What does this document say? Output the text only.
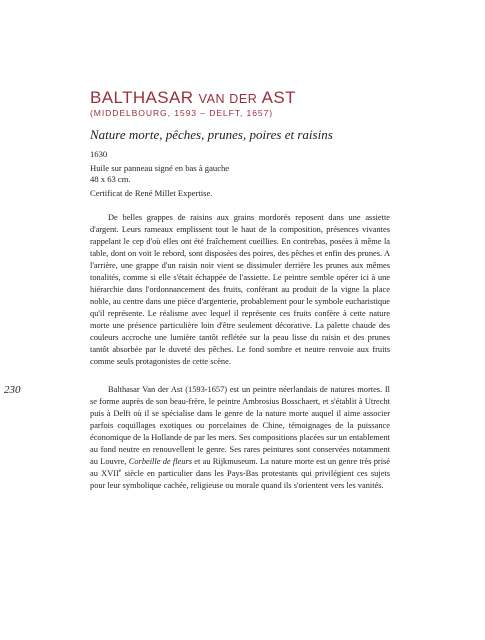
BALTHASAR VAN DER AST
(MIDDELBOURG, 1593 – DELFT, 1657)
Nature morte, pêches, prunes, poires et raisins
1630
Huile sur panneau signé en bas à gauche
48 x 63 cm.
Certificat de René Millet Expertise.

De belles grappes de raisins aux grains mordorés reposent dans une assiette d'argent. Leurs rameaux emplissent tout le haut de la composition, présences vivantes rappelant le cep d'où elles ont été fraîchement cueillies. En contrebas, posées à même la table, dont on voit le rebord, sont disposées des poires, des pêches et enfin des prunes. A l'arrière, une grappe d'un raisin noir vient se dissimuler derrière les prunes aux mêmes tonalités, comme si elle s'était échappée de l'assiette. Le peintre semble opérer ici à une hiérarchie dans l'ordonnancement des fruits, conférant au produit de la vigne la place noble, au centre dans une pièce d'argenterie, probablement pour le symbole eucharistique qu'il représente. Le réalisme avec lequel il représente ces fruits confère à cette nature morte une présence particulière loin d'être seulement décorative. La palette chaude des couleurs accroche une lumière tantôt reflétée sur la peau lisse du raisin et des prunes tantôt absorbée par le duveté des pêches. Le fond sombre et neutre renvoie aux fruits comme seuls protagonistes de cette scène.

Balthasar Van der Ast (1593-1657) est un peintre néerlandais de natures mortes. Il se forme auprès de son beau-frère, le peintre Ambrosius Bosschaert, et s'établit à Utrecht puis à Delft où il se spécialise dans le genre de la nature morte auquel il aime associer parfois coquillages exotiques ou porcelaines de Chine, témoignages de la puissance économique de la Hollande de par les mers. Ses compositions placées sur un entablement au fond neutre en renouvellent le genre. Ses rares peintures sont conservées notamment au Louvre, Corbeille de fleurs et au Rijkmuseum. La nature morte est un genre très prisé au XVIIe siècle en particulier dans les Pays-Bas protestants qui privilégient ces sujets pour leur symbolique cachée, religieuse ou morale quand ils s'orientent vers les vanités.

230
